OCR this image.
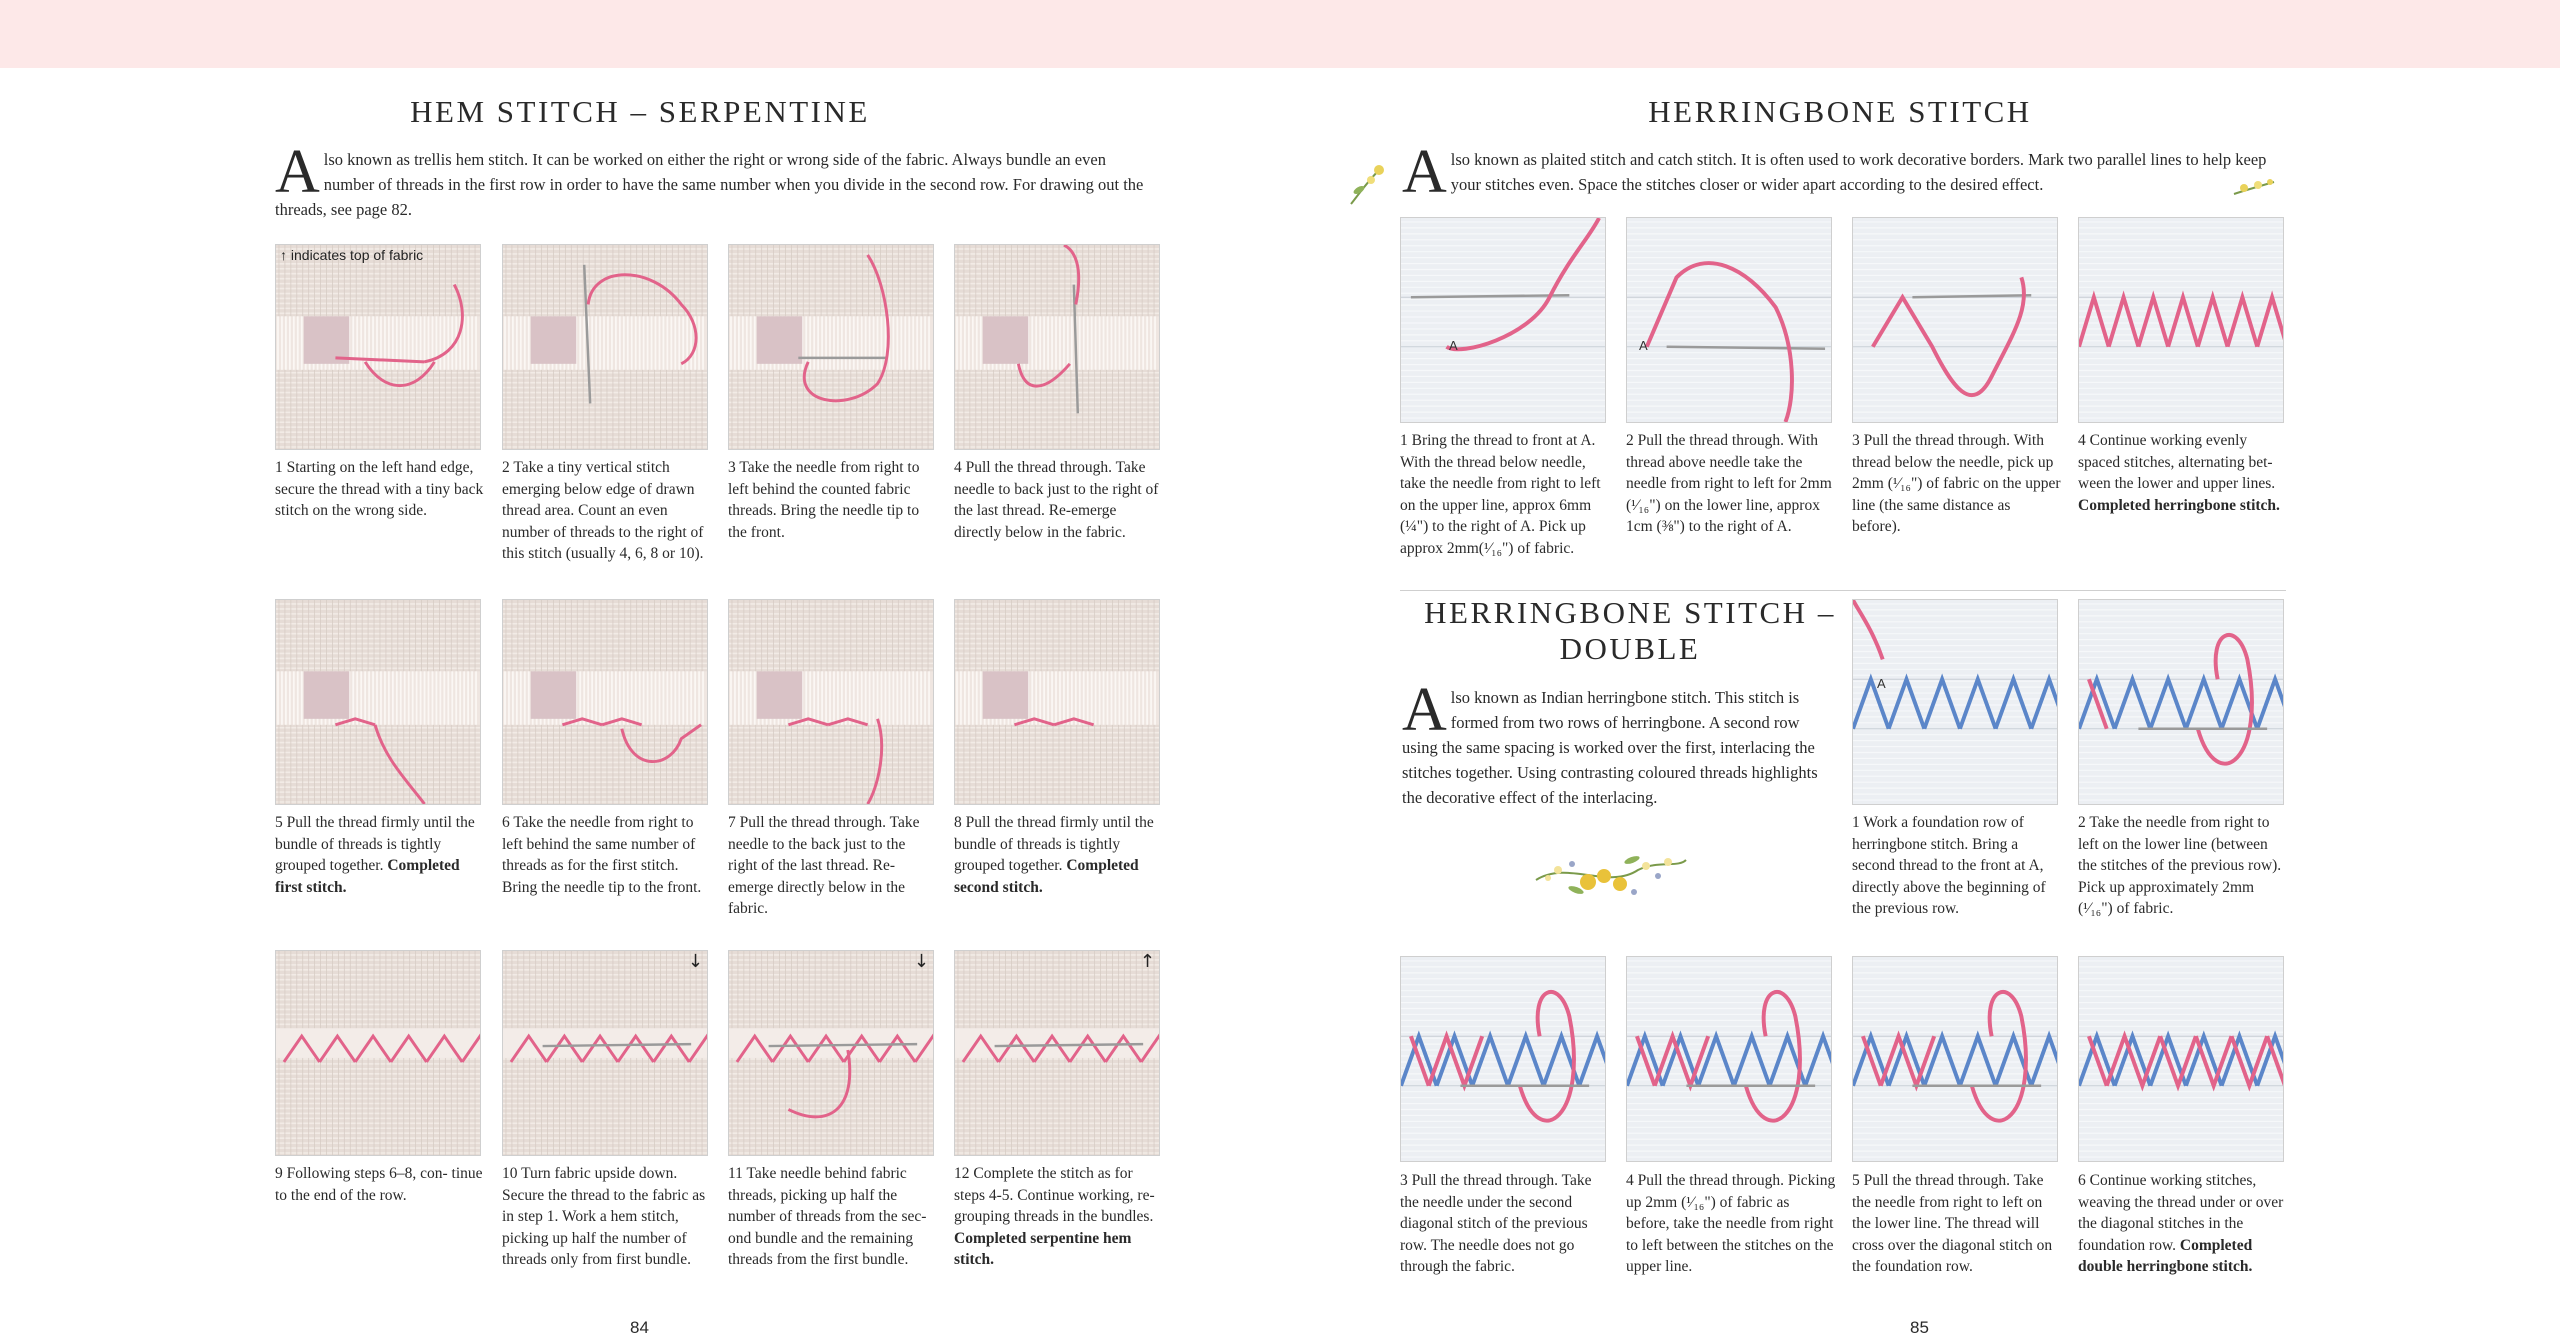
HEM STITCH – SERPENTINE

Also known as trellis hem stitch. It can be worked on either the right or wrong side of the fabric. Always bundle an even number of threads in the first row in order to have the same number when you divide in the second row. For drawing out the threads, see page 82.

↑ indicates top of fabric
↓	↓	↑
1 Starting on the left hand edge, secure the thread with a tiny back stitch on the wrong side.
2 Take a tiny vertical stitch emerging below edge of drawn thread area. Count an even number of threads to the right of this stitch (usually 4, 6, 8 or 10).
3 Take the needle from right to left behind the counted fabric threads. Bring the needle tip to the front.
4 Pull the thread through. Take needle to back just to the right of the last thread. Re-emerge directly below in the fabric.
5 Pull the thread firmly until the bundle of threads is tightly grouped together. Completed first stitch.
6 Take the needle from right to left behind the same number of threads as for the first stitch. Bring the needle tip to the front.
7 Pull the thread through. Take needle to the back just to the right of the last thread. Re-emerge directly below in the fabric.
8 Pull the thread firmly until the bundle of threads is tightly grouped together. Completed second stitch.
9 Following steps 6–8, con- tinue to the end of the row.
10 Turn fabric upside down. Secure the thread to the fabric as in step 1. Work a hem stitch, picking up half the number of threads only from first bundle.
11 Take needle behind fabric threads, picking up half the number of threads from the sec-ond bundle and the remaining threads from the first bundle.
12 Complete the stitch as for steps 4-5. Continue working, re- grouping threads in the bundles. Completed serpentine hem stitch.
84
HERRINGBONE STITCH

Also known as plaited stitch and catch stitch. It is often used to work decorative borders. Mark two parallel lines to help keep your stitches even. Space the stitches closer or wider apart according to the desired effect.

A	A
1 Bring the thread to front at A. With the thread below needle, take the needle from right to left on the upper line, approx 6mm (¼") to the right of A. Pick up approx 2mm(¹⁄₁₆") of fabric.
2 Pull the thread through. With thread above needle take the needle from right to left for 2mm (¹⁄₁₆") on the lower line, approx 1cm (⅜") to the right of A.
3 Pull the thread through. With thread below the needle, pick up 2mm (¹⁄₁₆") of fabric on the upper line (the same distance as before).
4 Continue working evenly spaced stitches, alternating bet- ween the lower and upper lines. Completed herringbone stitch.
HERRINGBONE STITCH –
DOUBLE

Also known as Indian herringbone stitch. This stitch is formed from two rows of herringbone. A second row using the same spacing is worked over the first, interlacing the stitches together. Using contrasting coloured threads highlights the decorative effect of the interlacing.

A
1 Work a foundation row of herringbone stitch. Bring a second thread to the front at A, directly above the beginning of the previous row.
2 Take the needle from right to left on the lower line (between the stitches of the previous row). Pick up approximately 2mm (¹⁄₁₆") of fabric.
3 Pull the thread through. Take the needle under the second diagonal stitch of the previous row. The needle does not go through the fabric.
4 Pull the thread through. Picking up 2mm (¹⁄₁₆") of fabric as before, take the needle from right to left between the stitches on the upper line.
5 Pull the thread through. Take the needle from right to left on the lower line. The thread will cross over the diagonal stitch on the foundation row.
6 Continue working stitches, weaving the thread under or over the diagonal stitches in the foundation row. Completed double herringbone stitch.
85
